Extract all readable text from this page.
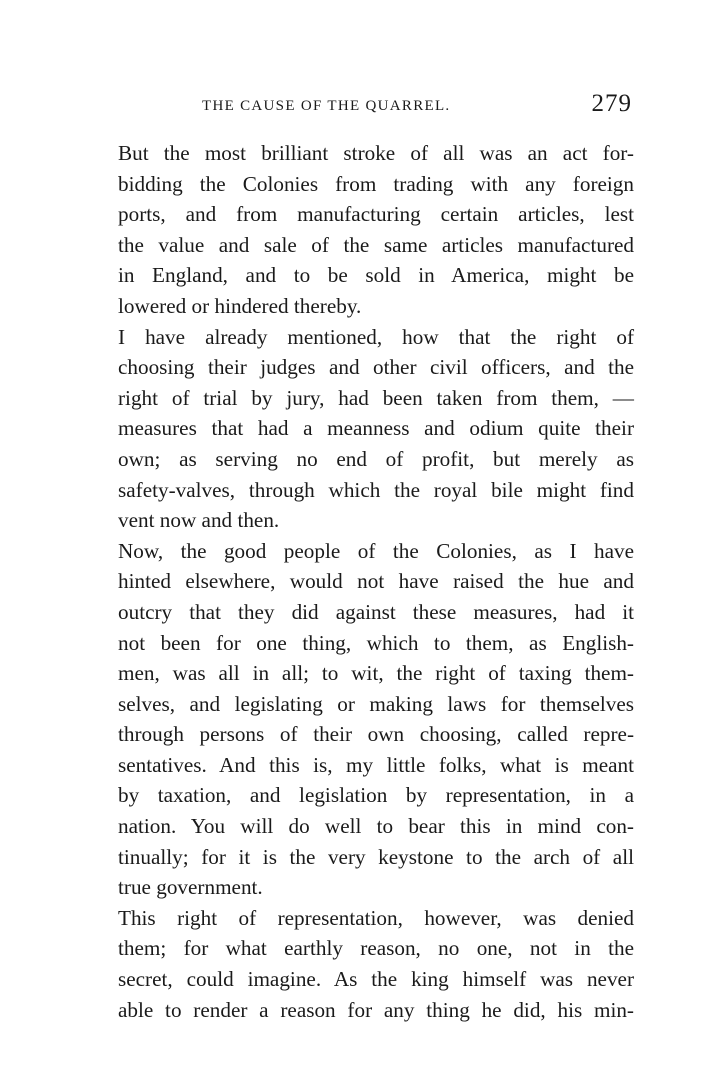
THE CAUSE OF THE QUARREL.	279

But the most brilliant stroke of all was an act for-
bidding the Colonies from trading with any foreign
ports, and from manufacturing certain articles, lest
the value and sale of the same articles manufactured
in England, and to be sold in America, might be
lowered or hindered thereby.

I have already mentioned, how that the right of
choosing their judges and other civil officers, and the
right of trial by jury, had been taken from them, —
measures that had a meanness and odium quite their
own; as serving no end of profit, but merely as
safety-valves, through which the royal bile might find
vent now and then.

Now, the good people of the Colonies, as I have
hinted elsewhere, would not have raised the hue and
outcry that they did against these measures, had it
not been for one thing, which to them, as English-
men, was all in all; to wit, the right of taxing them-
selves, and legislating or making laws for themselves
through persons of their own choosing, called repre-
sentatives. And this is, my little folks, what is meant
by taxation, and legislation by representation, in a
nation. You will do well to bear this in mind con-
tinually; for it is the very keystone to the arch of all
true government.

This right of representation, however, was denied
them; for what earthly reason, no one, not in the
secret, could imagine. As the king himself was never
able to render a reason for any thing he did, his min-
